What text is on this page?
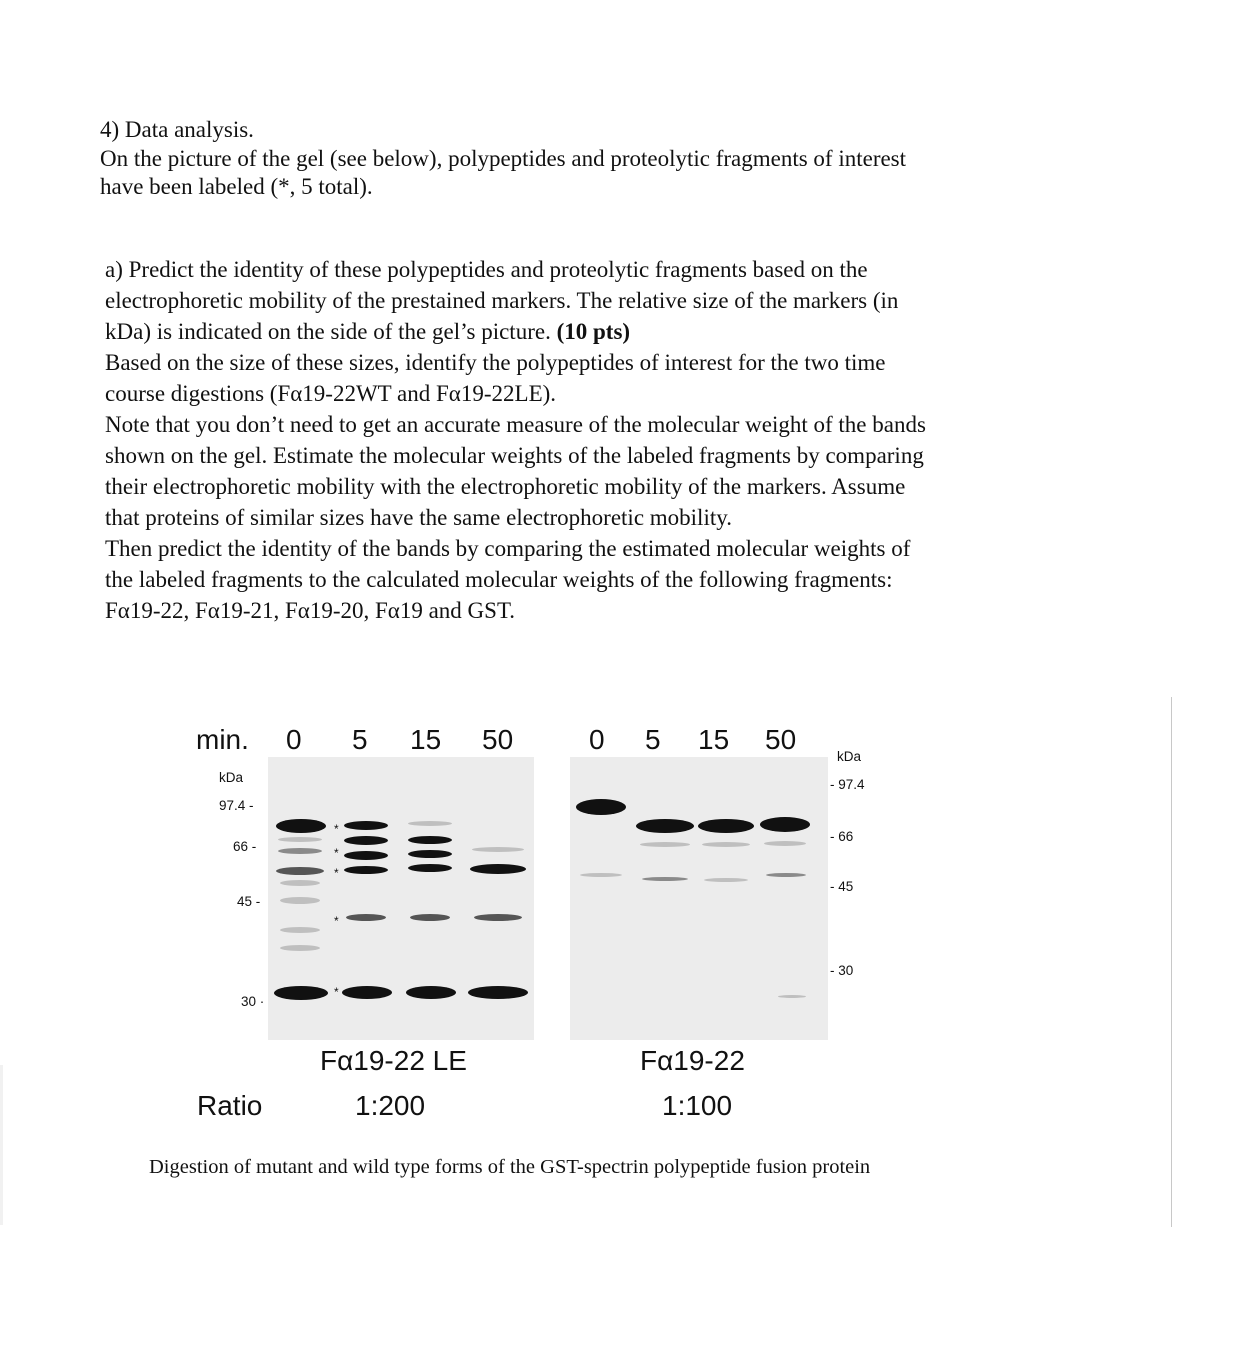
4) Data analysis.
On the picture of the gel (see below), polypeptides and proteolytic fragments of interest
have been labeled (*, 5 total).
a) Predict the identity of these polypeptides and proteolytic fragments based on the
electrophoretic mobility of the prestained markers. The relative size of the markers (in
kDa) is indicated on the side of the gel’s picture. (10 pts)
Based on the size of these sizes, identify the polypeptides of interest for the two time
course digestions (Fα19-22WT and Fα19-22LE).
Note that you don’t need to get an accurate measure of the molecular weight of the bands
shown on the gel. Estimate the molecular weights of the labeled fragments by comparing
their electrophoretic mobility with the electrophoretic mobility of the markers. Assume
that proteins of similar sizes have the same electrophoretic mobility.
Then predict the identity of the bands by comparing the estimated molecular weights of
the labeled fragments to the calculated molecular weights of the following fragments:
Fα19-22, Fα19-21, Fα19-20, Fα19 and GST.
min. 0 5 15 50	0 5 15 50
kDa
97.4 -
66 -
45 -
30 ·
*
*
*
*
*
kDa
- 97.4
- 66
- 45
- 30
Fα19-22 LE	Fα19-22
Ratio	1:200	1:100
Digestion of mutant and wild type forms of the GST-spectrin polypeptide fusion protein
